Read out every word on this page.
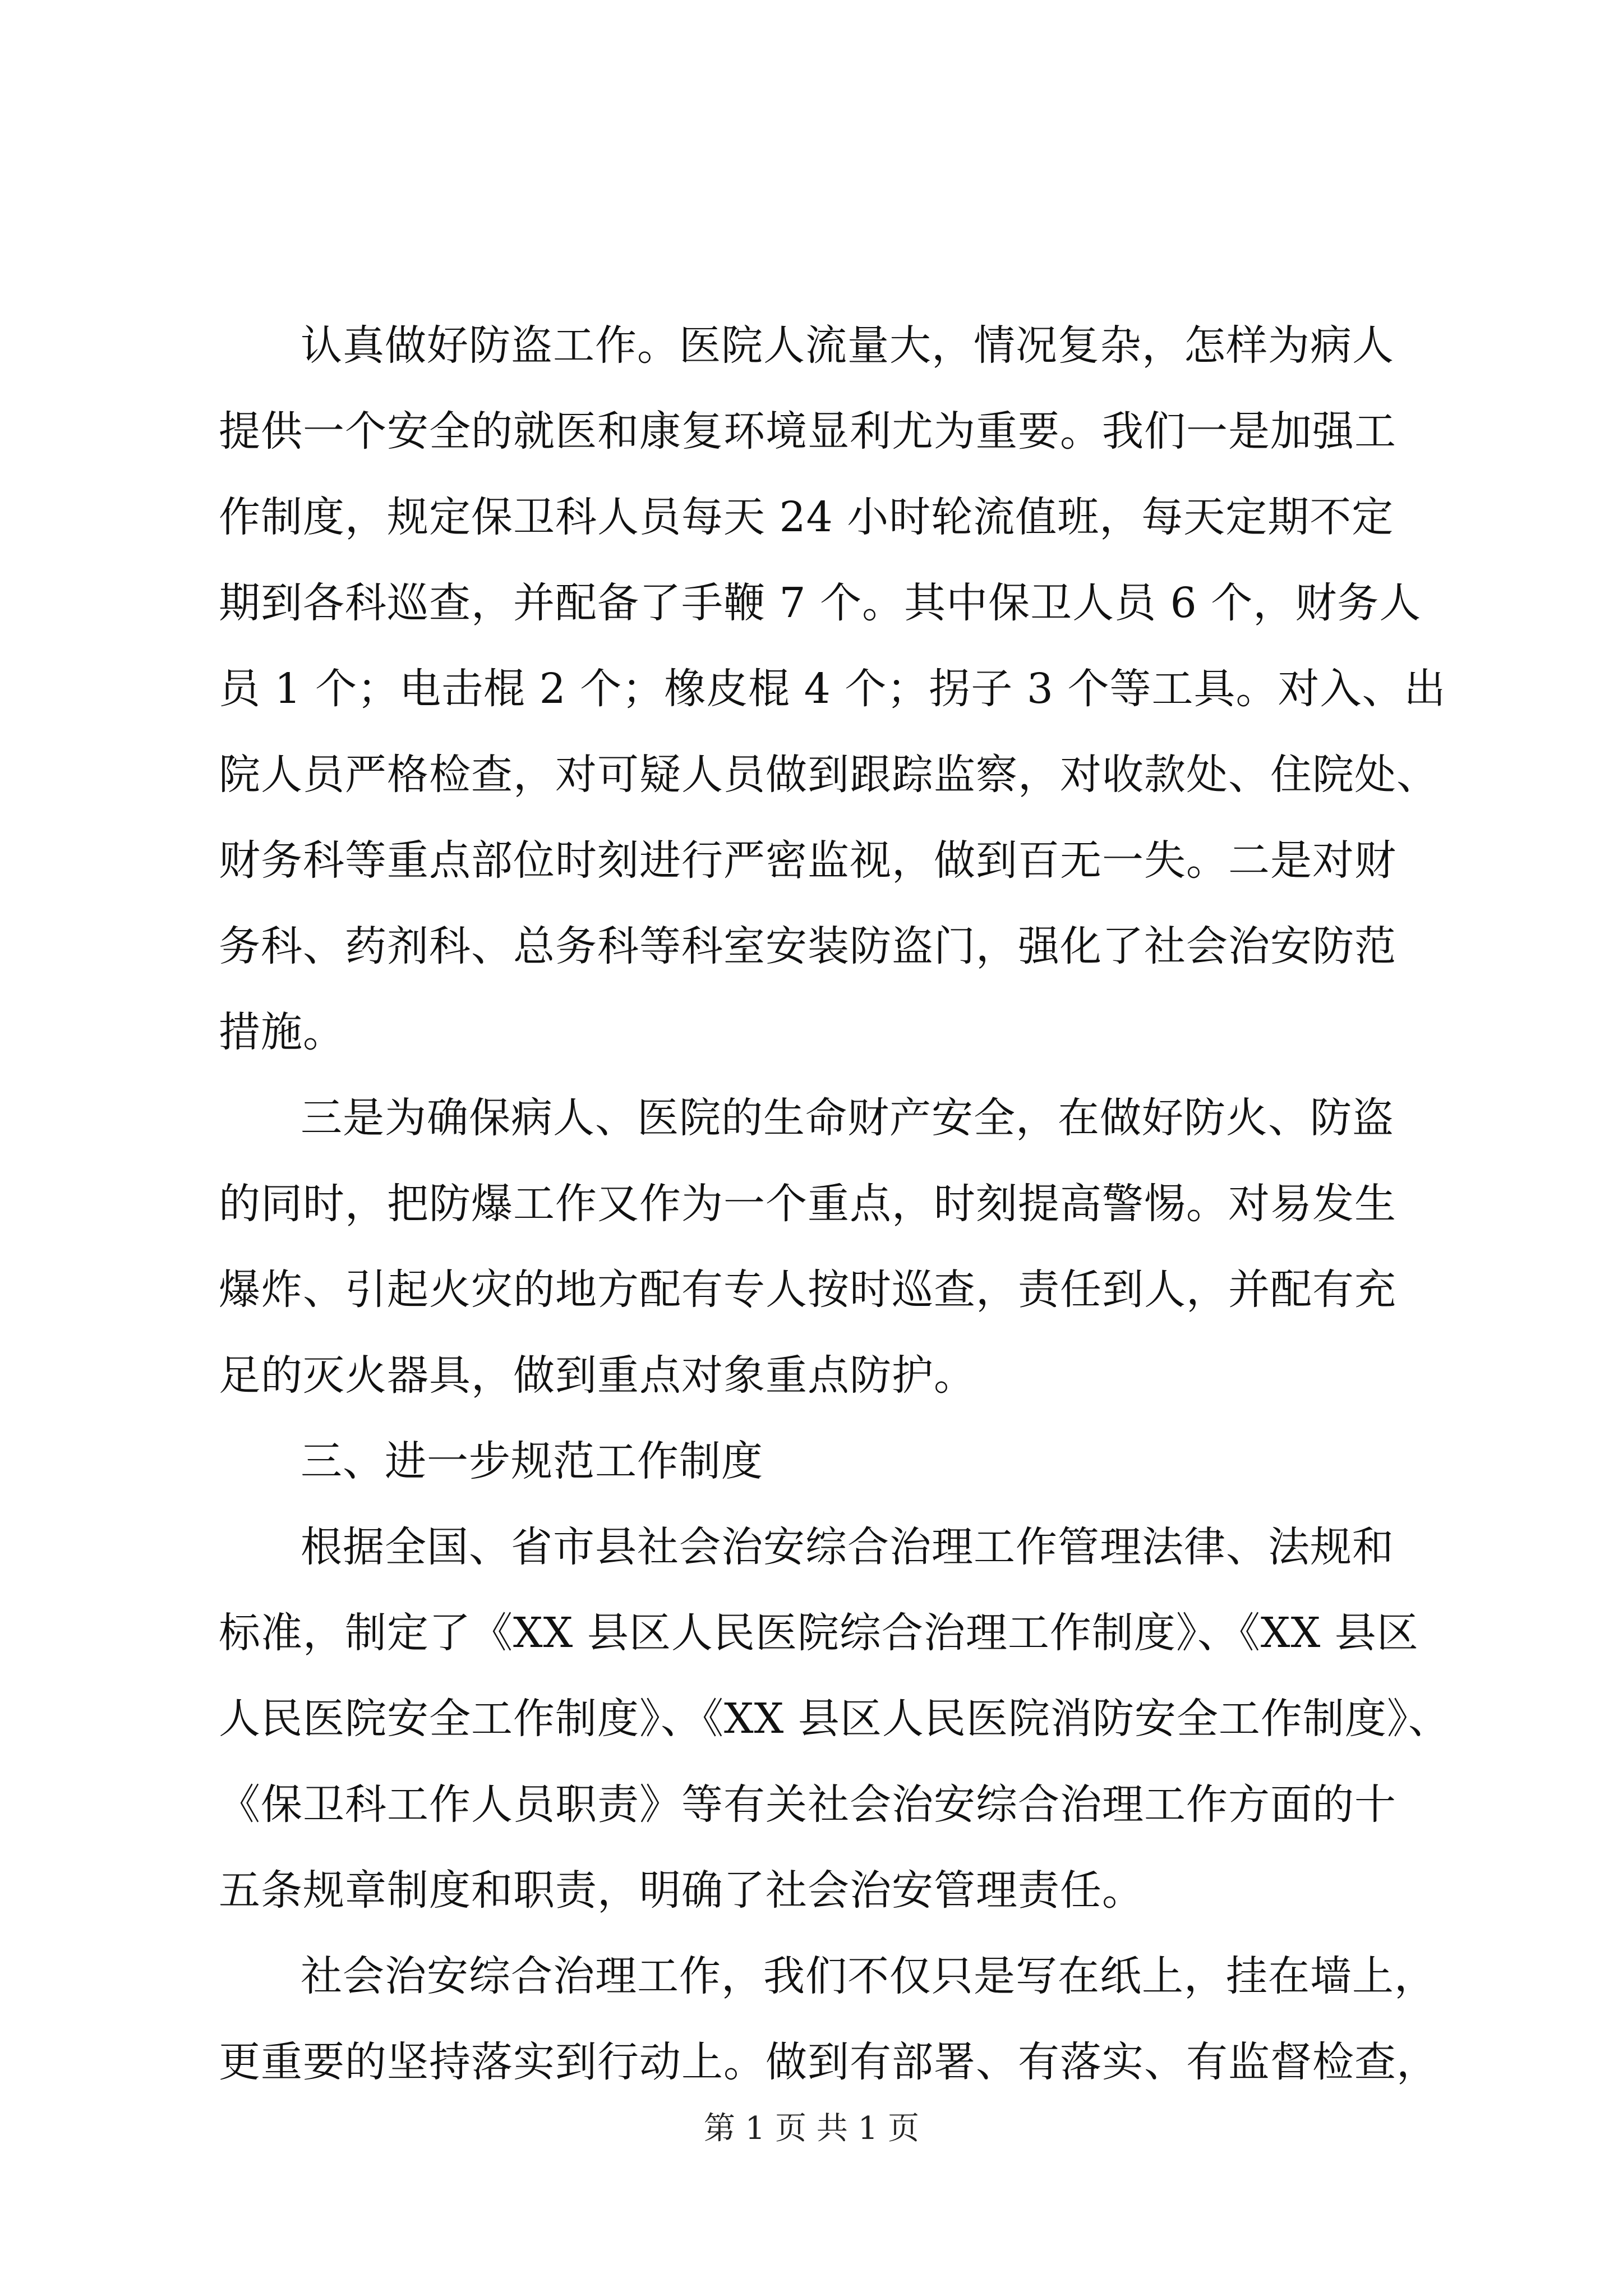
认真做好防盗工作。医院人流量大，情况复杂，怎样为病人
提供一个安全的就医和康复环境显利尤为重要。我们一是加强工
作制度，规定保卫科人员每天 24 小时轮流值班，每天定期不定
期到各科巡查，并配备了手鞭 7 个。其中保卫人员 6 个，财务人
员 1 个；电击棍 2 个；橡皮棍 4 个；拐子 3 个等工具。对入、出
院人员严格检查，对可疑人员做到跟踪监察，对收款处、住院处、
财务科等重点部位时刻进行严密监视，做到百无一失。二是对财
务科、药剂科、总务科等科室安装防盗门，强化了社会治安防范
措施。
三是为确保病人、医院的生命财产安全，在做好防火、防盗
的同时，把防爆工作又作为一个重点，时刻提高警惕。对易发生
爆炸、引起火灾的地方配有专人按时巡查，责任到人，并配有充
足的灭火器具，做到重点对象重点防护。
三、进一步规范工作制度
根据全国、省市县社会治安综合治理工作管理法律、法规和
标准，制定了《XX 县区人民医院综合治理工作制度》、《XX 县区
人民医院安全工作制度》、《XX 县区人民医院消防安全工作制度》、
《保卫科工作人员职责》等有关社会治安综合治理工作方面的十
五条规章制度和职责，明确了社会治安管理责任。
社会治安综合治理工作，我们不仅只是写在纸上，挂在墙上，
更重要的坚持落实到行动上。做到有部署、有落实、有监督检查，
第 1 页 共 1 页
